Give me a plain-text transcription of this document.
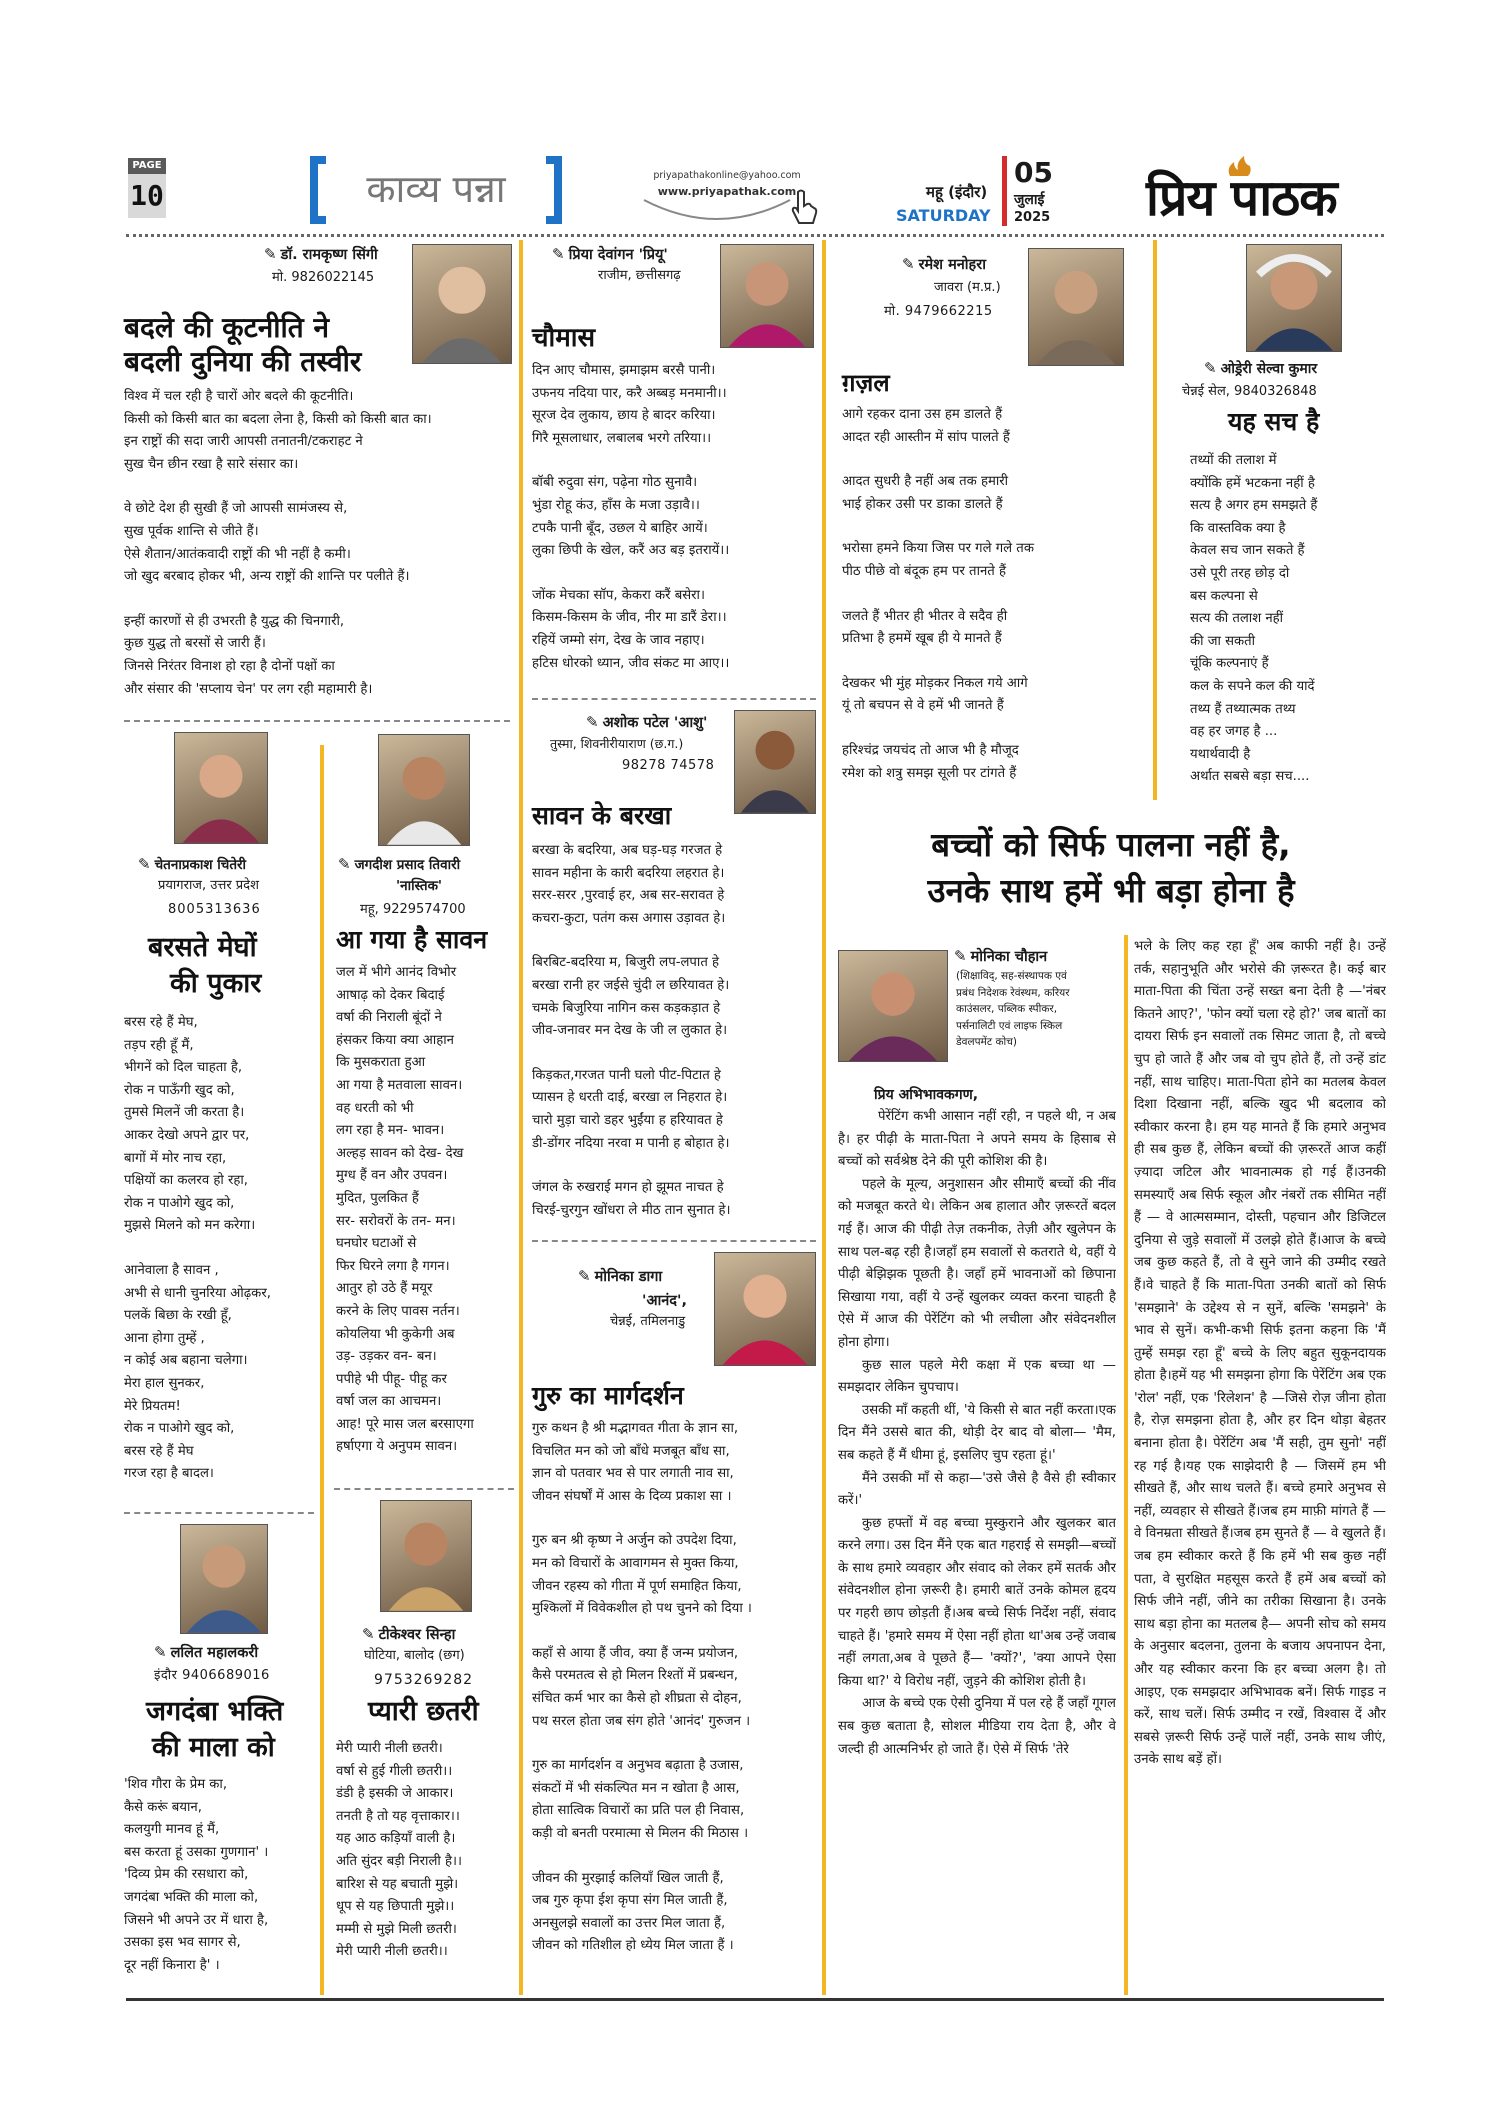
PAGE
10	काव्य पन्ना	priyapathakonline@yahoo.com
www.priyapathak.com	महू (इंदौर)
SATURDAY
05
जुलाई
2025 प्रिय पाठक
✎ डॉ. रामकृष्ण सिंगी
मो. 9826022145
बदले की कूटनीति ने
बदली दुनिया की तस्वीर

विश्व में चल रही है चारों ओर बदले की कूटनीति।

किसी को किसी बात का बदला लेना है, किसी को किसी बात का।

इन राष्ट्रों की सदा जारी आपसी तनातनी/टकराहट ने

सुख चैन छीन रखा है सारे संसार का।

वे छोटे देश ही सुखी हैं जो आपसी सामंजस्य से,

सुख पूर्वक शान्ति से जीते हैं।

ऐसे शैतान/आतंकवादी राष्ट्रों की भी नहीं है कमी।

जो खुद बरबाद होकर भी, अन्य राष्ट्रों की शान्ति पर पलीते हैं।

इन्हीं कारणों से ही उभरती है युद्ध की चिनगारी,

कुछ युद्ध तो बरसों से जारी हैं।

जिनसे निरंतर विनाश हो रहा है दोनों पक्षों का

और संसार की 'सप्लाय चेन' पर लग रही महामारी है।

✎ चेतनाप्रकाश चितेरी
प्रयागराज, उत्तर प्रदेश
8005313636
बरसते मेघों
की पुकार

बरस रहे हैं मेघ,

तड़प रही हूँ मैं,

भीगनें को दिल चाहता है,

रोक न पाऊँगी खुद को,

तुमसे मिलनें जी करता है।

आकर देखो अपने द्वार पर,

बागों में मोर नाच रहा,

पक्षियों का कलरव हो रहा,

रोक न पाओगे खुद को,

मुझसे मिलने को मन करेगा।

आनेवाला है सावन ,

अभी से धानी चुनरिया ओढ़कर,

पलकें बिछा के रखी हूँ,

आना होगा तुम्हें ,

न कोई अब बहाना चलेगा।

मेरा हाल सुनकर,

मेरे प्रियतम!

रोक न पाओगे खुद को,

बरस रहे हैं मेघ

गरज रहा है बादल।

✎ ललित महालकरी
इंदौर 9406689016
जगदंबा भक्ति
की माला को

'शिव गौरा के प्रेम का,

कैसे करूं बयान,

कलयुगी मानव हूं मैं,

बस करता हूं उसका गुणगान' ।

'दिव्य प्रेम की रसधारा को,

जगदंबा भक्ति की माला को,

जिसने भी अपने उर में धारा है,

उसका इस भव सागर से,

दूर नहीं किनारा है' ।

✎ जगदीश प्रसाद तिवारी
'नास्तिक'
महू, 9229574700
आ गया है सावन

जल में भीगे आनंद विभोर

आषाढ़ को देकर बिदाई

वर्षा की निराली बूंदों ने

हंसकर किया क्या आहान

कि मुसकराता हुआ

आ गया है मतवाला सावन।

वह धरती को भी

लग रहा है मन- भावन।

अल्हड़ सावन को देख- देख

मुग्ध हैं वन और उपवन।

मुदित, पुलकित हैं

सर- सरोवरों के तन- मन।

घनघोर घटाओं से

फिर घिरने लगा है गगन।

आतुर हो उठे हैं मयूर

करने के लिए पावस नर्तन।

कोयलिया भी कुकेगी अब

उड़- उड़कर वन- बन।

पपीहे भी पीहू- पीहू कर

वर्षा जल का आचमन।

आह! पूरे मास जल बरसाएगा

हर्षाएगा ये अनुपम सावन।

✎ टीकेश्वर सिन्हा
घोटिया, बालोद (छग)
9753269282
प्यारी छतरी

मेरी प्यारी नीली छतरी।

वर्षा से हुई गीली छतरी।।

डंडी है इसकी जे आकार।

तनती है तो यह वृत्ताकार।।

यह आठ कड़ियाँ वाली है।

अति सुंदर बड़ी निराली है।।

बारिश से यह बचाती मुझे।

धूप से यह छिपाती मुझे।।

मम्मी से मुझे मिली छतरी।

मेरी प्यारी नीली छतरी।।

✎ प्रिया देवांगन 'प्रियू'
राजीम, छत्तीसगढ़
चौमास

दिन आए चौमास, झमाझम बरसै पानी।

उफनय नदिया पार, करै अब्बड़ मनमानी।।

सूरज देव लुकाय, छाय हे बादर करिया।

गिरै मूसलाधार, लबालब भरगे तरिया।।

बॉबी रुदुवा संग, पढ़ेना गोठ सुनावै।

भुंडा रोहू कंउ, हाँस के मजा उड़ावै।।

टपकै पानी बूँद, उछल ये बाहिर आयें।

लुका छिपी के खेल, करैं अउ बड़ इतरायें।।

जोंक मेचका सॉप, केकरा करैं बसेरा।

किसम-किसम के जीव, नीर मा डारैं डेरा।।

रहियें जम्मो संग, देख के जाव नहाए।

हटिस धोरको ध्यान, जीव संकट मा आए।।

✎ अशोक पटेल 'आशु'
तुस्मा, शिवनीरीयाराण (छ.ग.)
98278 74578
सावन के बरखा

बरखा के बदरिया, अब घड़-घड़ गरजत हे

सावन महीना के कारी बदरिया लहरात हे।

सरर-सरर ,पुरवाई हर, अब सर-सरावत हे

कचरा-कुटा, पतंग कस अगास उड़ावत हे।

बिरबिट-बदरिया म, बिजुरी लप-लपात हे

बरखा रानी हर जईसे चुंदी ल छरियावत हे।

चमके बिजुरिया नागिन कस कड़कड़ात हे

जीव-जनावर मन देख के जी ल लुकात हे।

किड़कत,गरजत पानी घलो पीट-पिटात हे

प्यासन हे धरती दाई, बरखा ल निहरात हे।

चारो मुड़ा चारो डहर भुईंया ह हरियावत हे

डी-डोंगर नदिया नरवा म पानी ह बोहात हे।

जंगल के रुखराई मगन हो झूमत नाचत हे

चिरई-चुरगुन खोंधरा ले मीठ तान सुनात हे।

✎ मोनिका डागा
'आनंद',
चेन्नई, तमिलनाडु
गुरु का मार्गदर्शन

गुरु कथन है श्री मद्भागवत गीता के ज्ञान सा,

विचलित मन को जो बाँधे मजबूत बाँध सा,

ज्ञान वो पतवार भव से पार लगाती नाव सा,

जीवन संघर्षों में आस के दिव्य प्रकाश सा ।

गुरु बन श्री कृष्ण ने अर्जुन को उपदेश दिया,

मन को विचारों के आवागमन से मुक्त किया,

जीवन रहस्य को गीता में पूर्ण समाहित किया,

मुश्किलों में विवेकशील हो पथ चुनने को दिया ।

कहाँ से आया हैं जीव, क्या हैं जन्म प्रयोजन,

कैसे परमतत्व से हो मिलन रिश्तों में प्रबन्धन,

संचित कर्म भार का कैसे हो शीघ्रता से दोहन,

पथ सरल होता जब संग होते 'आनंद' गुरुजन ।

गुरु का मार्गदर्शन व अनुभव बढ़ाता है उजास,

संकटों में भी संकल्पित मन न खोता है आस,

होता सात्विक विचारों का प्रति पल ही निवास,

कड़ी वो बनती परमात्मा से मिलन की मिठास ।

जीवन की मुरझाई कलियाँ खिल जाती हैं,

जब गुरु कृपा ईश कृपा संग मिल जाती हैं,

अनसुलझे सवालों का उत्तर मिल जाता हैं,

जीवन को गतिशील हो ध्येय मिल जाता हैं ।

✎ रमेश मनोहरा
जावरा (म.प्र.)
मो. 9479662215
ग़ज़ल

आगे रहकर दाना उस हम डालते हैं

आदत रही आस्तीन में सांप पालते हैं

आदत सुधरी है नहीं अब तक हमारी

भाई होकर उसी पर डाका डालते हैं

भरोसा हमने किया जिस पर गले गले तक

पीठ पीछे वो बंदूक हम पर तानते हैं

जलते हैं भीतर ही भीतर वे सदैव ही

प्रतिभा है हममें खूब ही ये मानते हैं

देखकर भी मुंह मोड़कर निकल गये आगे

यूं तो बचपन से वे हमें भी जानते हैं

हरिश्चंद्र जयचंद तो आज भी है मौजूद

रमेश को शत्रु समझ सूली पर टांगते हैं

✎ ओड्रेरी सेल्वा कुमार
चेन्नई सेल, 9840326848
यह सच है

तथ्यों की तलाश में

क्योंकि हमें भटकना नहीं है

सत्य है अगर हम समझते हैं

कि वास्तविक क्या है

केवल सच जान सकते हैं

उसे पूरी तरह छोड़ दो

बस कल्पना से

सत्य की तलाश नहीं

की जा सकती

चूंकि कल्पनाएं हैं

कल के सपने कल की यादें

तथ्य हैं तथ्यात्मक तथ्य

वह हर जगह है ...

यथार्थवादी है

अर्थात सबसे बड़ा सच....

बच्चों को सिर्फ पालना नहीं है,
उनके साथ हमें भी बड़ा होना है
✎ मोनिका चौहान
(शिक्षाविद्, सह-संस्थापक एवं
प्रबंध निदेशक रेवंस्थम, करियर
काउंसलर, पब्लिक स्पीकर,
पर्सनालिटी एवं लाइफ स्किल
डेवलपमेंट कोच)
प्रिय अभिभावकगण,

पेरेंटिंग कभी आसान नहीं रही, न पहले थी, न अब है। हर पीढ़ी के माता-पिता ने अपने समय के हिसाब से बच्चों को सर्वश्रेष्ठ देने की पूरी कोशिश की है।

पहले के मूल्य, अनुशासन और सीमाएँ बच्चों की नींव को मजबूत करते थे। लेकिन अब हालात और ज़रूरतें बदल गई हैं। आज की पीढ़ी तेज़ तकनीक, तेज़ी और खुलेपन के साथ पल-बढ़ रही है।जहाँ हम सवालों से कतराते थे, वहीं ये पीढ़ी बेझिझक पूछती है। जहाँ हमें भावनाओं को छिपाना सिखाया गया, वहीं ये उन्हें खुलकर व्यक्त करना चाहती है ऐसे में आज की पेरेंटिंग को भी लचीला और संवेदनशील होना होगा।

कुछ साल पहले मेरी कक्षा में एक बच्चा था — समझदार लेकिन चुपचाप।

उसकी माँ कहती थीं, 'ये किसी से बात नहीं करता।एक दिन मैंने उससे बात की, थोड़ी देर बाद वो बोला— 'मैम, सब कहते हैं मैं धीमा हूं, इसलिए चुप रहता हूं।'

मैंने उसकी माँ से कहा—'उसे जैसे है वैसे ही स्वीकार करें।'

कुछ हफ्तों में वह बच्चा मुस्कुराने और खुलकर बात करने लगा। उस दिन मैंने एक बात गहराई से समझी—बच्चों के साथ हमारे व्यवहार और संवाद को लेकर हमें सतर्क और संवेदनशील होना ज़रूरी है। हमारी बातें उनके कोमल हृदय पर गहरी छाप छोड़ती हैं।अब बच्चे सिर्फ निर्देश नहीं, संवाद चाहते हैं। 'हमारे समय में ऐसा नहीं होता था'अब उन्हें जवाब नहीं लगता,अब वे पूछते हैं— 'क्यों?', 'क्या आपने ऐसा किया था?' ये विरोध नहीं, जुड़ने की कोशिश होती है।

आज के बच्चे एक ऐसी दुनिया में पल रहे हैं जहाँ गूगल सब कुछ बताता है, सोशल मीडिया राय देता है, और वे जल्दी ही आत्मनिर्भर हो जाते हैं। ऐसे में सिर्फ 'तेरे

भले के लिए कह रहा हूँ' अब काफी नहीं है। उन्हें तर्क, सहानुभूति और भरोसे की ज़रूरत है। कई बार माता-पिता की चिंता उन्हें सख्त बना देती है —'नंबर कितने आए?', 'फोन क्यों चला रहे हो?' जब बातों का दायरा सिर्फ इन सवालों तक सिमट जाता है, तो बच्चे चुप हो जाते हैं और जब वो चुप होते हैं, तो उन्हें डांट नहीं, साथ चाहिए। माता-पिता होने का मतलब केवल दिशा दिखाना नहीं, बल्कि खुद भी बदलाव को स्वीकार करना है। हम यह मानते हैं कि हमारे अनुभव ही सब कुछ हैं, लेकिन बच्चों की ज़रूरतें आज कहीं ज़्यादा जटिल और भावनात्मक हो गई हैं।उनकी समस्याएँ अब सिर्फ स्कूल और नंबरों तक सीमित नहीं हैं — वे आत्मसम्मान, दोस्ती, पहचान और डिजिटल दुनिया से जुड़े सवालों में उलझे होते हैं।आज के बच्चे जब कुछ कहते हैं, तो वे सुने जाने की उम्मीद रखते हैं।वे चाहते हैं कि माता-पिता उनकी बातों को सिर्फ 'समझाने' के उद्देश्य से न सुनें, बल्कि 'समझने' के भाव से सुनें। कभी-कभी सिर्फ इतना कहना कि 'मैं तुम्हें समझ रहा हूँ' बच्चे के लिए बहुत सुकूनदायक होता है।हमें यह भी समझना होगा कि पेरेंटिंग अब एक 'रोल' नहीं, एक 'रिलेशन' है —जिसे रोज़ जीना होता है, रोज़ समझना होता है, और हर दिन थोड़ा बेहतर बनाना होता है। पेरेंटिंग अब 'मैं सही, तुम सुनो' नहीं रह गई है।यह एक साझेदारी है — जिसमें हम भी सीखते हैं, और साथ चलते हैं। बच्चे हमारे अनुभव से नहीं, व्यवहार से सीखते हैं।जब हम माफ़ी मांगते हैं —वे विनम्रता सीखते हैं।जब हम सुनते हैं — वे खुलते हैं। जब हम स्वीकार करते हैं कि हमें भी सब कुछ नहीं पता, वे सुरक्षित महसूस करते हैं हमें अब बच्चों को सिर्फ जीने नहीं, जीने का तरीका सिखाना है। उनके साथ बड़ा होना का मतलब है— अपनी सोच को समय के अनुसार बदलना, तुलना के बजाय अपनापन देना, और यह स्वीकार करना कि हर बच्चा अलग है। तो आइए, एक समझदार अभिभावक बनें। सिर्फ गाइड न करें, साथ चलें। सिर्फ उम्मीद न रखें, विश्वास दें और सबसे ज़रूरी सिर्फ उन्हें पालें नहीं, उनके साथ जीएं, उनके साथ बड़ें हों।
